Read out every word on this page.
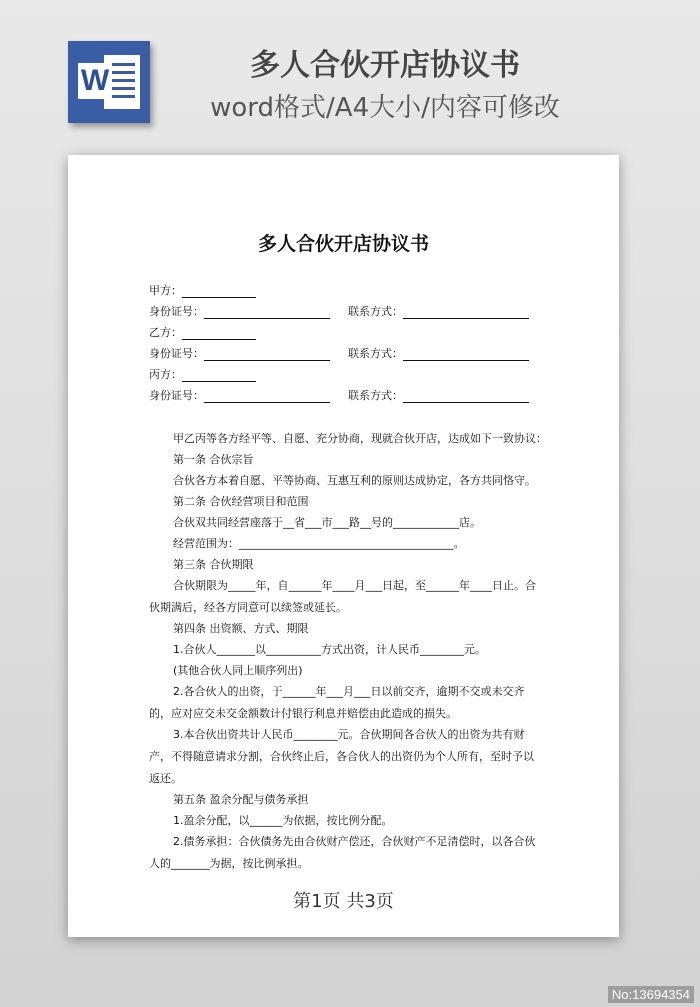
W	多人合伙开店协议书
word格式/A4大小/内容可修改
多人合伙开店协议书
甲方：
身份证号：	联系方式：
乙方：
身份证号：	联系方式：
丙方：
身份证号：	联系方式：

甲乙丙等各方经平等、自愿、充分协商，现就合伙开店，达成如下一致协议：

第一条 合伙宗旨

合伙各方本着自愿、平等协商、互惠互利的原则达成协定，各方共同恪守。

第二条 合伙经营项目和范围

合伙双共同经营座落于__省___市___路__号的____________店。

经营范围为：_______________________________________。

第三条 合伙期限

合伙期限为_____年，自______年____月___日起，至______年____日止。合伙期满后，经各方同意可以续签或延长。

第四条 出资额、方式、期限

1.合伙人_______以__________方式出资，计人民币________元。

(其他合伙人同上顺序列出)

2.各合伙人的出资，于______年___月___日以前交齐，逾期不交或未交齐的，应对应交未交金额数计付银行利息并赔偿由此造成的损失。

3.本合伙出资共计人民币________元。合伙期间各合伙人的出资为共有财产，不得随意请求分割，合伙终止后，各合伙人的出资仍为个人所有，至时予以返还。

第五条 盈余分配与债务承担

1.盈余分配，以______为依据，按比例分配。

2.债务承担：合伙债务先由合伙财产偿还，合伙财产不足清偿时，以各合伙人的_______为据，按比例承担。

第1页 共3页
No:13694354
